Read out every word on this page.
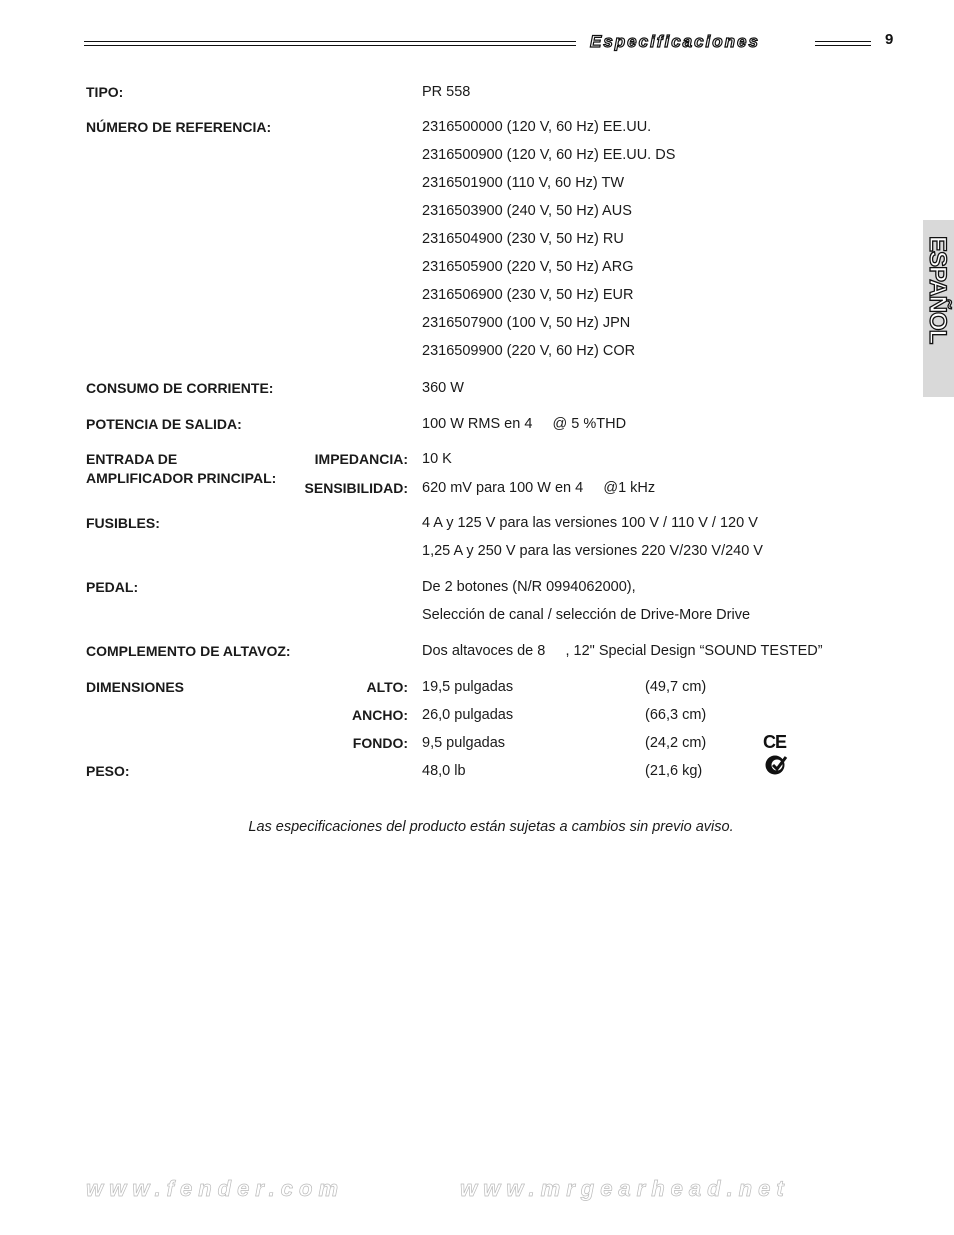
Especificaciones	9
ESPAÑOL
TIPO:	PR 558
NÚMERO DE REFERENCIA:	2316500000 (120 V, 60 Hz) EE.UU.
2316500900 (120 V, 60 Hz) EE.UU. DS
2316501900 (110 V, 60 Hz) TW
2316503900 (240 V, 50 Hz) AUS
2316504900 (230 V, 50 Hz) RU
2316505900 (220 V, 50 Hz) ARG
2316506900 (230 V, 50 Hz) EUR
2316507900 (100 V, 50 Hz) JPN
2316509900 (220 V, 60 Hz) COR
CONSUMO DE CORRIENTE:	360 W
POTENCIA DE SALIDA:	100 W RMS en 4     @ 5 %THD
ENTRADA DE
AMPLIFICADOR PRINCIPAL:
IMPEDANCIA: 10 K
SENSIBILIDAD: 620 mV para 100 W en 4     @1 kHz
FUSIBLES:	4 A y 125 V para las versiones 100 V / 110 V / 120 V
1,25 A y 250 V para las versiones 220 V/230 V/240 V
PEDAL:	De 2 botones (N/R 0994062000),
Selección de canal / selección de Drive-More Drive
COMPLEMENTO DE ALTAVOZ:	Dos altavoces de 8     , 12" Special Design “SOUND TESTED”
DIMENSIONES	ALTO: 19,5 pulgadas	(49,7 cm)
ANCHO: 26,0 pulgadas	(66,3 cm)
FONDO: 9,5 pulgadas	(24,2 cm)
PESO:	48,0 lb	(21,6 kg)
CE
Las especificaciones del producto están sujetas a cambios sin previo aviso.
www.fender.com	www.mrgearhead.net
